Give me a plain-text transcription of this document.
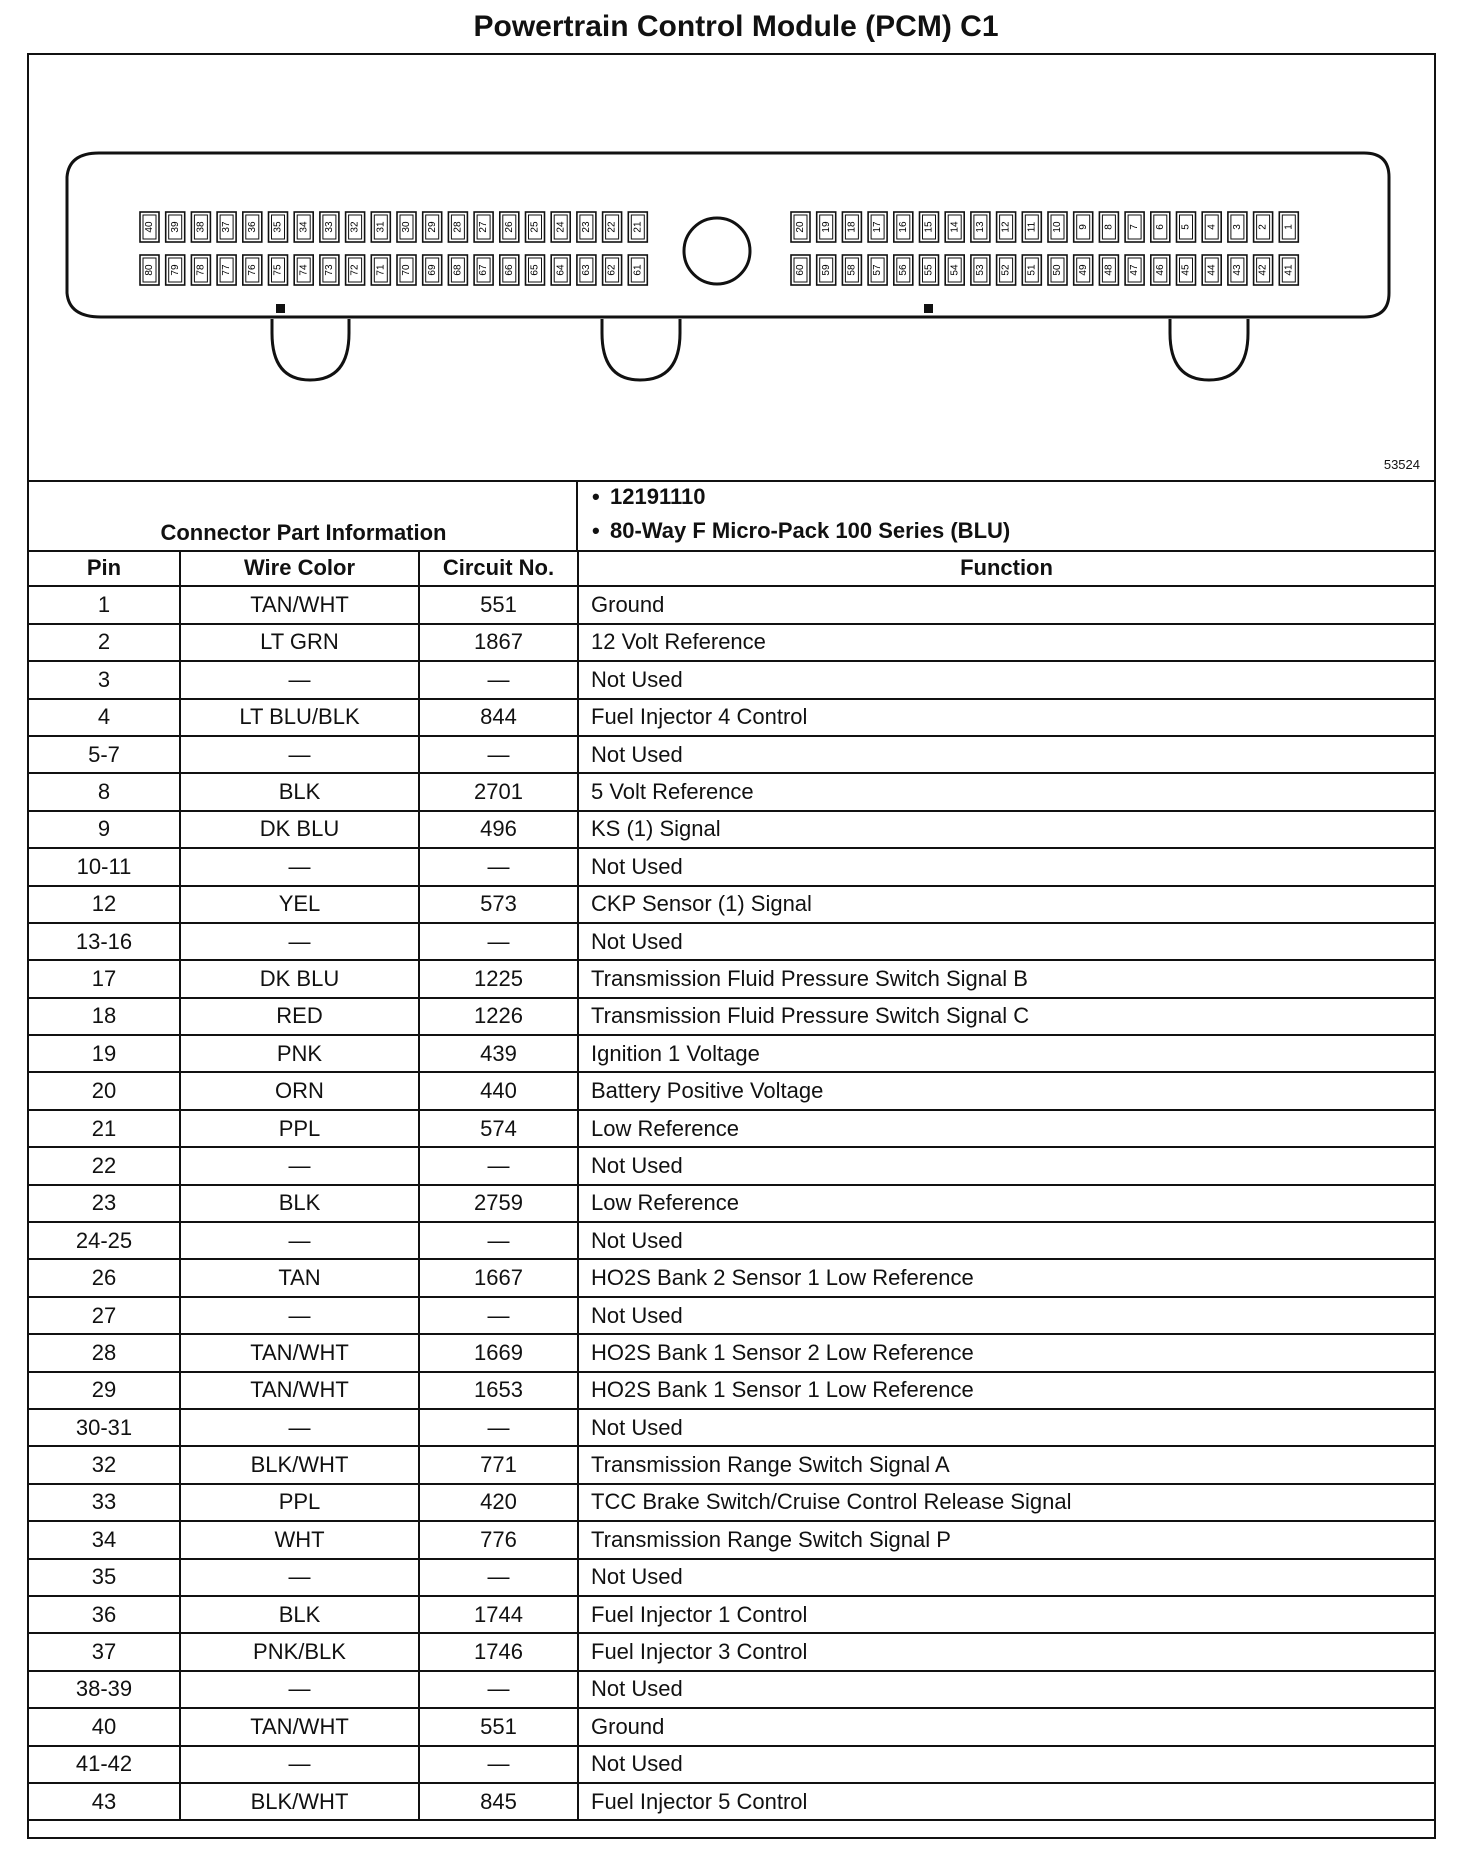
Powertrain Control Module (PCM) C1
40 39 38 37 36 35 34 33 32 31 30 29 28 27 26 25 24 23 22 21
80 79 78 77 76 75 74 73 72 71 70 69 68 67 66 65 64 63 62 61
20 19 18 17 16 15 14 13 12 11 10 9 8 7 6 5 4 3 2 1
60 59 58 57 56 55 54 53 52 51 50 49 48 47 46 45 44 43 42 41
53524
Connector Part Information
• 12191110
• 80-Way F Micro-Pack 100 Series (BLU)
Pin	Wire Color	Circuit No.	Function
1	TAN/WHT	551	Ground
2	LT GRN	1867	12 Volt Reference
3	—	—	Not Used
4	LT BLU/BLK	844	Fuel Injector 4 Control
5-7	—	—	Not Used
8	BLK	2701	5 Volt Reference
9	DK BLU	496	KS (1) Signal
10-11	—	—	Not Used
12	YEL	573	CKP Sensor (1) Signal
13-16	—	—	Not Used
17	DK BLU	1225	Transmission Fluid Pressure Switch Signal B
18	RED	1226	Transmission Fluid Pressure Switch Signal C
19	PNK	439	Ignition 1 Voltage
20	ORN	440	Battery Positive Voltage
21	PPL	574	Low Reference
22	—	—	Not Used
23	BLK	2759	Low Reference
24-25	—	—	Not Used
26	TAN	1667	HO2S Bank 2 Sensor 1 Low Reference
27	—	—	Not Used
28	TAN/WHT	1669	HO2S Bank 1 Sensor 2 Low Reference
29	TAN/WHT	1653	HO2S Bank 1 Sensor 1 Low Reference
30-31	—	—	Not Used
32	BLK/WHT	771	Transmission Range Switch Signal A
33	PPL	420	TCC Brake Switch/Cruise Control Release Signal
34	WHT	776	Transmission Range Switch Signal P
35	—	—	Not Used
36	BLK	1744	Fuel Injector 1 Control
37	PNK/BLK	1746	Fuel Injector 3 Control
38-39	—	—	Not Used
40	TAN/WHT	551	Ground
41-42	—	—	Not Used
43	BLK/WHT	845	Fuel Injector 5 Control
